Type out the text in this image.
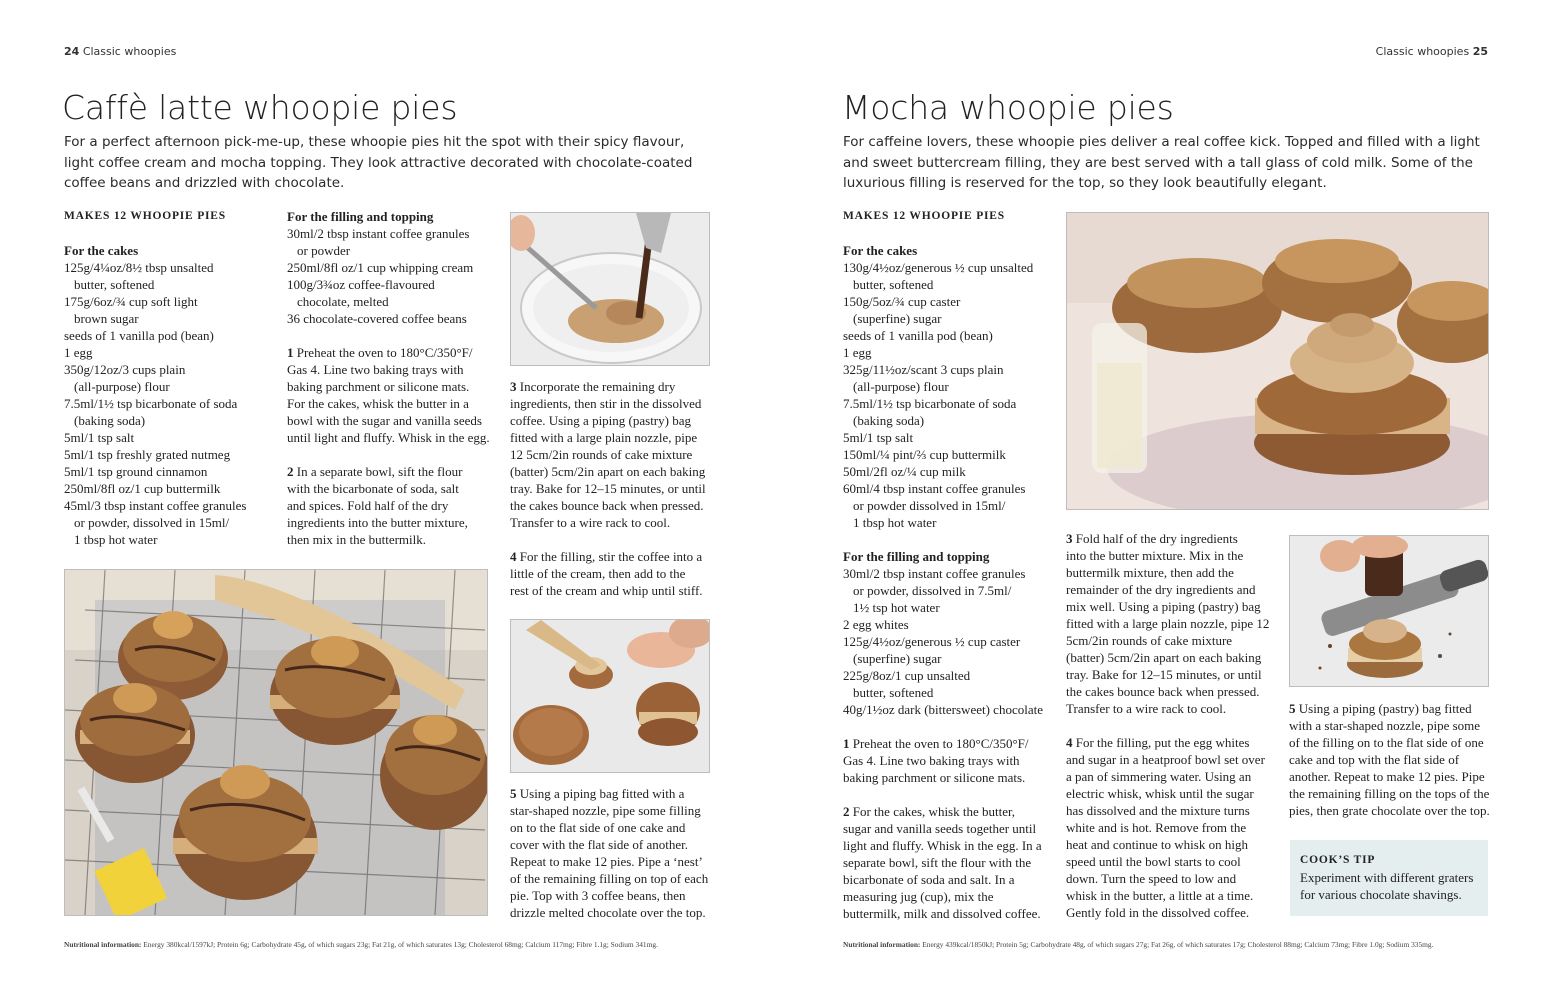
24 Classic whoopies
Caffè latte whoopie pies
For a perfect afternoon pick-me-up, these whoopie pies hit the spot with their spicy flavour,
light coffee cream and mocha topping. They look attractive decorated with chocolate-coated
coffee beans and drizzled with chocolate.
MAKES 12 WHOOPIE PIES
For the cakes
125g/4¼oz/8½ tbsp unsalted
butter, softened
175g/6oz/¾ cup soft light
brown sugar
seeds of 1 vanilla pod (bean)
1 egg
350g/12oz/3 cups plain
(all-purpose) flour
7.5ml/1½ tsp bicarbonate of soda
(baking soda)
5ml/1 tsp salt
5ml/1 tsp freshly grated nutmeg
5ml/1 tsp ground cinnamon
250ml/8fl oz/1 cup buttermilk
45ml/3 tbsp instant coffee granules
or powder, dissolved in 15ml/
1 tbsp hot water
For the filling and topping
30ml/2 tbsp instant coffee granules
or powder
250ml/8fl oz/1 cup whipping cream
100g/3¾oz coffee-flavoured
chocolate, melted
36 chocolate-covered coffee beans
1 Preheat the oven to 180°C/350°F/
Gas 4. Line two baking trays with
baking parchment or silicone mats.
For the cakes, whisk the butter in a
bowl with the sugar and vanilla seeds
until light and fluffy. Whisk in the egg.
2 In a separate bowl, sift the flour
with the bicarbonate of soda, salt
and spices. Fold half of the dry
ingredients into the butter mixture,
then mix in the buttermilk.
3 Incorporate the remaining dry
ingredients, then stir in the dissolved
coffee. Using a piping (pastry) bag
fitted with a large plain nozzle, pipe
12 5cm/2in rounds of cake mixture
(batter) 5cm/2in apart on each baking
tray. Bake for 12–15 minutes, or until
the cakes bounce back when pressed.
Transfer to a wire rack to cool.
4 For the filling, stir the coffee into a
little of the cream, then add to the
rest of the cream and whip until stiff.
5 Using a piping bag fitted with a
star-shaped nozzle, pipe some filling
on to the flat side of one cake and
cover with the flat side of another.
Repeat to make 12 pies. Pipe a ‘nest’
of the remaining filling on top of each
pie. Top with 3 coffee beans, then
drizzle melted chocolate over the top.
Nutritional information: Energy 380kcal/1597kJ; Protein 6g; Carbohydrate 45g, of which sugars 23g; Fat 21g, of which saturates 13g; Cholesterol 68mg; Calcium 117mg; Fibre 1.1g; Sodium 341mg.
Classic whoopies 25
Mocha whoopie pies
For caffeine lovers, these whoopie pies deliver a real coffee kick. Topped and filled with a light
and sweet buttercream filling, they are best served with a tall glass of cold milk. Some of the
luxurious filling is reserved for the top, so they look beautifully elegant.
MAKES 12 WHOOPIE PIES
For the cakes
130g/4½oz/generous ½ cup unsalted
butter, softened
150g/5oz/¾ cup caster
(superfine) sugar
seeds of 1 vanilla pod (bean)
1 egg
325g/11½oz/scant 3 cups plain
(all-purpose) flour
7.5ml/1½ tsp bicarbonate of soda
(baking soda)
5ml/1 tsp salt
150ml/¼ pint/⅔ cup buttermilk
50ml/2fl oz/¼ cup milk
60ml/4 tbsp instant coffee granules
or powder dissolved in 15ml/
1 tbsp hot water
For the filling and topping
30ml/2 tbsp instant coffee granules
or powder, dissolved in 7.5ml/
1½ tsp hot water
2 egg whites
125g/4½oz/generous ½ cup caster
(superfine) sugar
225g/8oz/1 cup unsalted
butter, softened
40g/1½oz dark (bittersweet) chocolate
1 Preheat the oven to 180°C/350°F/
Gas 4. Line two baking trays with
baking parchment or silicone mats.
2 For the cakes, whisk the butter,
sugar and vanilla seeds together until
light and fluffy. Whisk in the egg. In a
separate bowl, sift the flour with the
bicarbonate of soda and salt. In a
measuring jug (cup), mix the
buttermilk, milk and dissolved coffee.
3 Fold half of the dry ingredients
into the butter mixture. Mix in the
buttermilk mixture, then add the
remainder of the dry ingredients and
mix well. Using a piping (pastry) bag
fitted with a large plain nozzle, pipe 12
5cm/2in rounds of cake mixture
(batter) 5cm/2in apart on each baking
tray. Bake for 12–15 minutes, or until
the cakes bounce back when pressed.
Transfer to a wire rack to cool.
4 For the filling, put the egg whites
and sugar in a heatproof bowl set over
a pan of simmering water. Using an
electric whisk, whisk until the sugar
has dissolved and the mixture turns
white and is hot. Remove from the
heat and continue to whisk on high
speed until the bowl starts to cool
down. Turn the speed to low and
whisk in the butter, a little at a time.
Gently fold in the dissolved coffee.
5 Using a piping (pastry) bag fitted
with a star-shaped nozzle, pipe some
of the filling on to the flat side of one
cake and top with the flat side of
another. Repeat to make 12 pies. Pipe
the remaining filling on the tops of the
pies, then grate chocolate over the top.
COOK’S TIP
Experiment with different graters
for various chocolate shavings.
Nutritional information: Energy 439kcal/1850kJ; Protein 5g; Carbohydrate 48g, of which sugars 27g; Fat 26g, of which saturates 17g; Cholesterol 88mg; Calcium 73mg; Fibre 1.0g; Sodium 335mg.
